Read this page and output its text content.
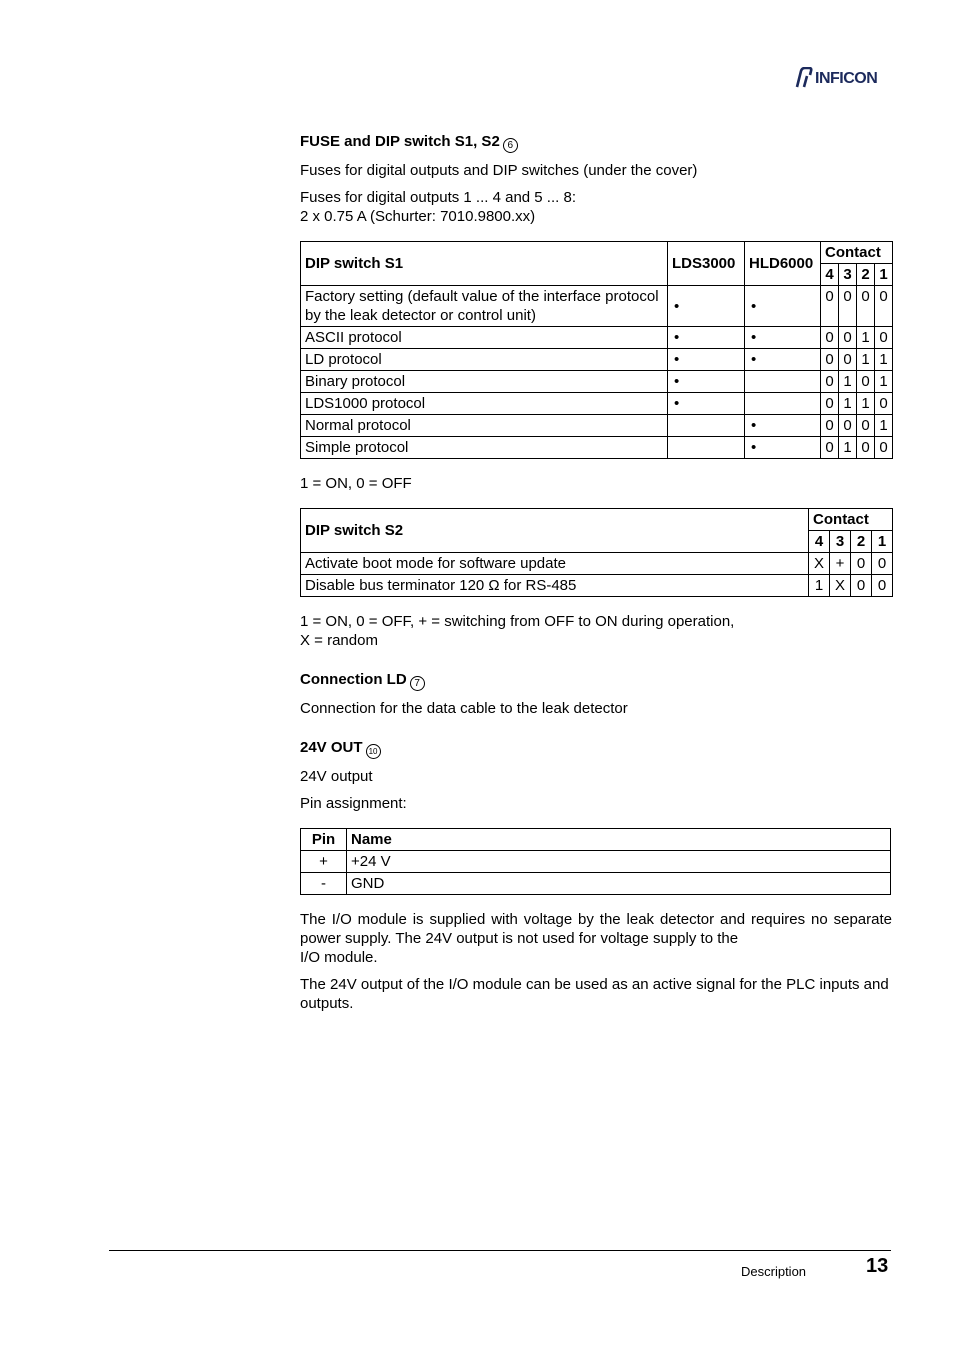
INFICON
FUSE and DIP switch S1, S2 6
Fuses for digital outputs and DIP switches (under the cover)
Fuses for digital outputs 1 ... 4 and 5 ... 8:
2 x 0.75 A (Schurter: 7010.9800.xx)
DIP switch S1	LDS3000	HLD6000	Contact			
			4	3	2	1
Factory setting (default value of the interface protocol by the leak detector or control unit)	•	•	0	0	0	0
ASCII protocol	•	•	0	0	1	0
LD protocol	•	•	0	0	1	1
Binary protocol	•		0	1	0	1
LDS1000 protocol	•		0	1	1	0
Normal protocol		•	0	0	0	1
Simple protocol		•	0	1	0	0
1 = ON, 0 = OFF
DIP switch S2	Contact			
	4	3	2	1
Activate boot mode for software update	X	+	0	0
Disable bus terminator 120 Ω for RS-485	1	X	0	0
1 = ON, 0 = OFF, + = switching from OFF to ON during operation,
X = random
Connection LD 7
Connection for the data cable to the leak detector
24V OUT 10
24V output
Pin assignment:
Pin	Name
+	+24 V
-	GND
The I/O module is supplied with voltage by the leak detector and requires no separate power supply. The 24V output is not used for voltage supply to the
I/O module.
The 24V output of the I/O module can be used as an active signal for the PLC inputs and outputs.
Description	13
